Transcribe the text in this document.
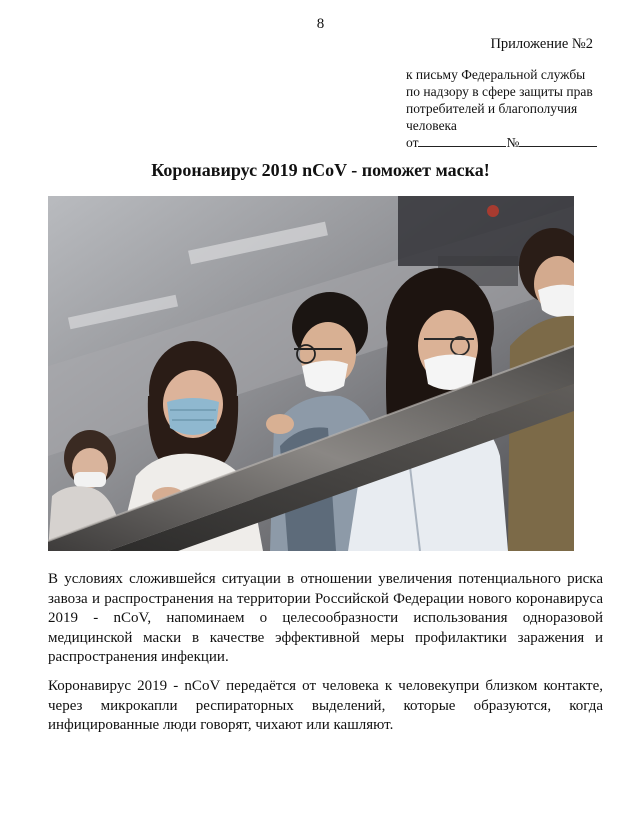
8
Приложение №2
к письму Федеральной службы
по надзору в сфере защиты прав
потребителей и благополучия
человека
от	№
Коронавирус 2019 nCoV - поможет маска!

В условиях сложившейся ситуации в отношении увеличения потенциального риска завоза и распространения на территории Российской Федерации нового коронавируса 2019 - nCoV, напоминаем о целесообразности использования одноразовой медицинской маски в качестве эффективной меры профилактики заражения и распространения инфекции.

Коронавирус 2019 - nCoV передаётся от человека к человекупри близком контакте, через микрокапли респираторных выделений, которые образуются, когда инфицированные люди говорят, чихают или кашляют.
